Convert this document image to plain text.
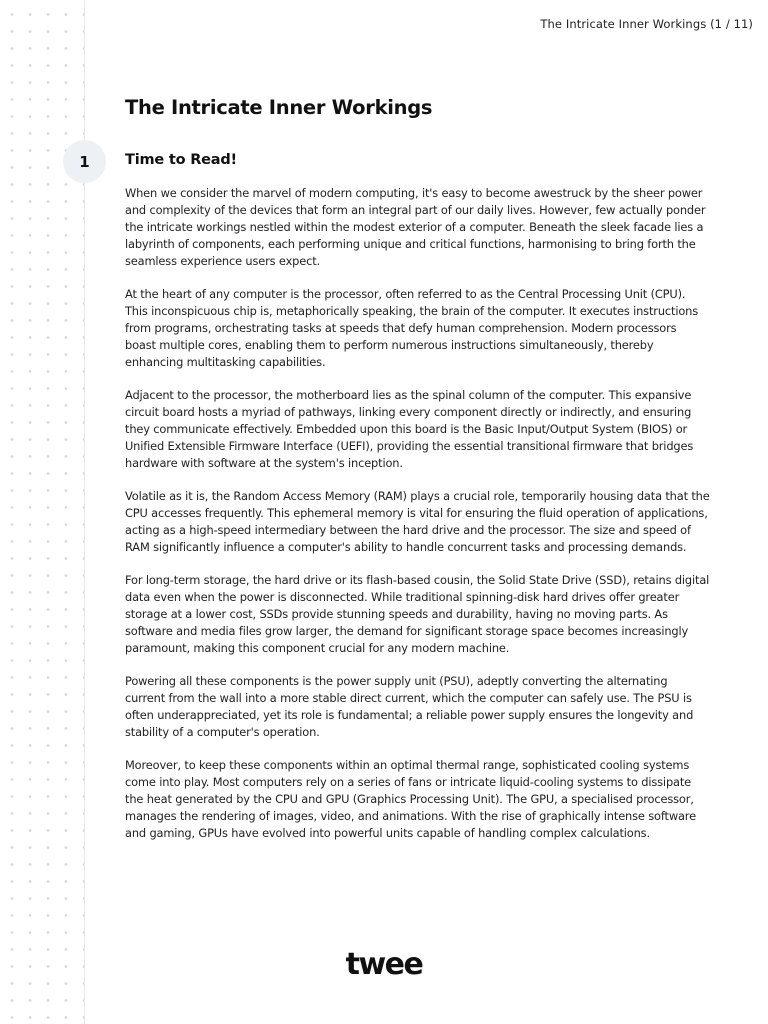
The Intricate Inner Workings (1 / 11)
The Intricate Inner Workings
1	Time to Read!

When we consider the marvel of modern computing, it's easy to become awestruck by the sheer power and complexity of the devices that form an integral part of our daily lives. However, few actually ponder the intricate workings nestled within the modest exterior of a computer. Beneath the sleek facade lies a labyrinth of components, each performing unique and critical functions, harmonising to bring forth the seamless experience users expect.

At the heart of any computer is the processor, often referred to as the Central Processing Unit (CPU). This inconspicuous chip is, metaphorically speaking, the brain of the computer. It executes instructions from programs, orchestrating tasks at speeds that defy human comprehension. Modern processors boast multiple cores, enabling them to perform numerous instructions simultaneously, thereby enhancing multitasking capabilities.

Adjacent to the processor, the motherboard lies as the spinal column of the computer. This expansive circuit board hosts a myriad of pathways, linking every component directly or indirectly, and ensuring they communicate effectively. Embedded upon this board is the Basic Input/Output System (BIOS) or Unified Extensible Firmware Interface (UEFI), providing the essential transitional firmware that bridges hardware with software at the system's inception.

Volatile as it is, the Random Access Memory (RAM) plays a crucial role, temporarily housing data that the CPU accesses frequently. This ephemeral memory is vital for ensuring the fluid operation of applications, acting as a high-speed intermediary between the hard drive and the processor. The size and speed of RAM significantly influence a computer's ability to handle concurrent tasks and processing demands.

For long-term storage, the hard drive or its flash-based cousin, the Solid State Drive (SSD), retains digital data even when the power is disconnected. While traditional spinning-disk hard drives offer greater storage at a lower cost, SSDs provide stunning speeds and durability, having no moving parts. As software and media files grow larger, the demand for significant storage space becomes increasingly paramount, making this component crucial for any modern machine.

Powering all these components is the power supply unit (PSU), adeptly converting the alternating current from the wall into a more stable direct current, which the computer can safely use. The PSU is often underappreciated, yet its role is fundamental; a reliable power supply ensures the longevity and stability of a computer's operation.

Moreover, to keep these components within an optimal thermal range, sophisticated cooling systems come into play. Most computers rely on a series of fans or intricate liquid-cooling systems to dissipate the heat generated by the CPU and GPU (Graphics Processing Unit). The GPU, a specialised processor, manages the rendering of images, video, and animations. With the rise of graphically intense software and gaming, GPUs have evolved into powerful units capable of handling complex calculations.

twee
